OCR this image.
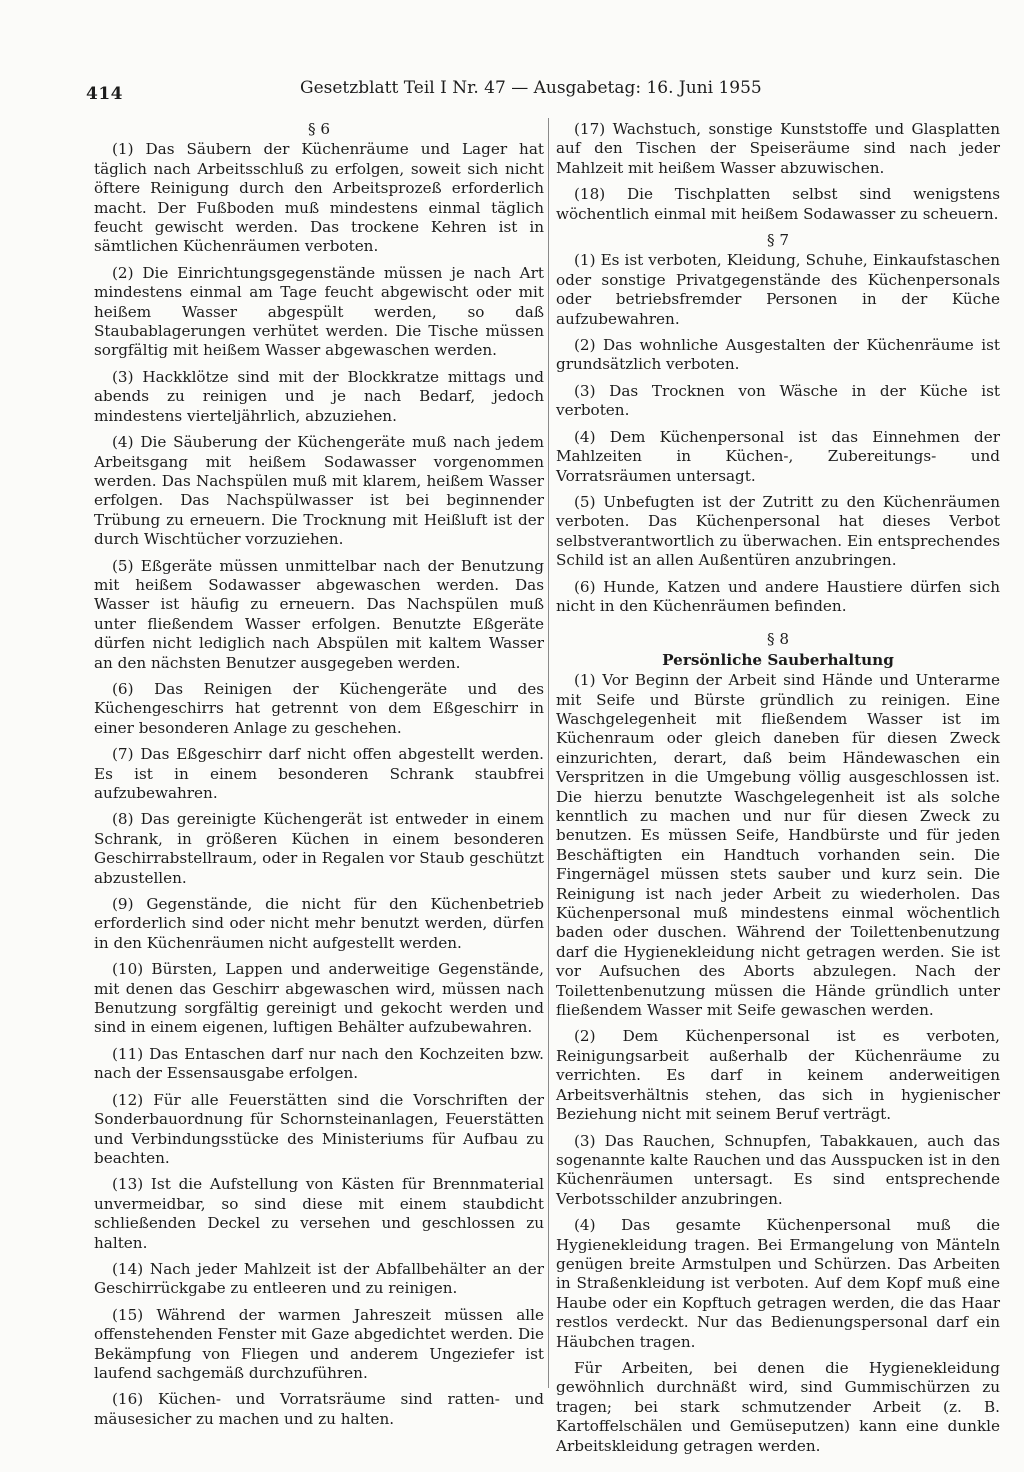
414	Gesetzblatt Teil I Nr. 47 — Ausgabetag: 16. Juni 1955
§ 6

(1) Das Säubern der Küchenräume und Lager hat täglich nach Arbeitsschluß zu erfolgen, soweit sich nicht öftere Reinigung durch den Arbeitsprozeß erforderlich macht. Der Fußboden muß mindestens einmal täglich feucht gewischt werden. Das trockene Kehren ist in sämtlichen Küchenräumen verboten.

(2) Die Einrichtungsgegenstände müssen je nach Art mindestens einmal am Tage feucht abgewischt oder mit heißem Wasser abgespült werden, so daß Staubablagerungen verhütet werden. Die Tische müssen sorgfältig mit heißem Wasser abgewaschen werden.

(3) Hackklötze sind mit der Blockkratze mittags und abends zu reinigen und je nach Bedarf, jedoch mindestens vierteljährlich, abzuziehen.

(4) Die Säuberung der Küchengeräte muß nach jedem Arbeitsgang mit heißem Sodawasser vorgenommen werden. Das Nachspülen muß mit klarem, heißem Wasser erfolgen. Das Nachspülwasser ist bei beginnender Trübung zu erneuern. Die Trocknung mit Heißluft ist der durch Wischtücher vorzuziehen.

(5) Eßgeräte müssen unmittelbar nach der Benutzung mit heißem Sodawasser abgewaschen werden. Das Wasser ist häufig zu erneuern. Das Nachspülen muß unter fließendem Wasser erfolgen. Benutzte Eßgeräte dürfen nicht lediglich nach Abspülen mit kaltem Wasser an den nächsten Benutzer ausgegeben werden.

(6) Das Reinigen der Küchengeräte und des Küchengeschirrs hat getrennt von dem Eßgeschirr in einer besonderen Anlage zu geschehen.

(7) Das Eßgeschirr darf nicht offen abgestellt werden. Es ist in einem besonderen Schrank staubfrei aufzubewahren.

(8) Das gereinigte Küchengerät ist entweder in einem Schrank, in größeren Küchen in einem besonderen Geschirrabstellraum, oder in Regalen vor Staub geschützt abzustellen.

(9) Gegenstände, die nicht für den Küchenbetrieb erforderlich sind oder nicht mehr benutzt werden, dürfen in den Küchenräumen nicht aufgestellt werden.

(10) Bürsten, Lappen und anderweitige Gegenstände, mit denen das Geschirr abgewaschen wird, müssen nach Benutzung sorgfältig gereinigt und gekocht werden und sind in einem eigenen, luftigen Behälter aufzubewahren.

(11) Das Entaschen darf nur nach den Kochzeiten bzw. nach der Essensausgabe erfolgen.

(12) Für alle Feuerstätten sind die Vorschriften der Sonderbauordnung für Schornsteinanlagen, Feuerstätten und Verbindungsstücke des Ministeriums für Aufbau zu beachten.

(13) Ist die Aufstellung von Kästen für Brennmaterial unvermeidbar, so sind diese mit einem staubdicht schließenden Deckel zu versehen und geschlossen zu halten.

(14) Nach jeder Mahlzeit ist der Abfallbehälter an der Geschirrückgabe zu entleeren und zu reinigen.

(15) Während der warmen Jahreszeit müssen alle offenstehenden Fenster mit Gaze abgedichtet werden. Die Bekämpfung von Fliegen und anderem Ungeziefer ist laufend sachgemäß durchzuführen.

(16) Küchen- und Vorratsräume sind ratten- und mäusesicher zu machen und zu halten.

(17) Wachstuch, sonstige Kunststoffe und Glasplatten auf den Tischen der Speiseräume sind nach jeder Mahlzeit mit heißem Wasser abzuwischen.

(18) Die Tischplatten selbst sind wenigstens wöchentlich einmal mit heißem Sodawasser zu scheuern.

§ 7

(1) Es ist verboten, Kleidung, Schuhe, Einkaufstaschen oder sonstige Privatgegenstände des Küchenpersonals oder betriebsfremder Personen in der Küche aufzubewahren.

(2) Das wohnliche Ausgestalten der Küchenräume ist grundsätzlich verboten.

(3) Das Trocknen von Wäsche in der Küche ist verboten.

(4) Dem Küchenpersonal ist das Einnehmen der Mahlzeiten in Küchen-, Zubereitungs- und Vorratsräumen untersagt.

(5) Unbefugten ist der Zutritt zu den Küchenräumen verboten. Das Küchenpersonal hat dieses Verbot selbstverantwortlich zu überwachen. Ein entsprechendes Schild ist an allen Außentüren anzubringen.

(6) Hunde, Katzen und andere Haustiere dürfen sich nicht in den Küchenräumen befinden.

§ 8
Persönliche Sauberhaltung

(1) Vor Beginn der Arbeit sind Hände und Unterarme mit Seife und Bürste gründlich zu reinigen. Eine Waschgelegenheit mit fließendem Wasser ist im Küchenraum oder gleich daneben für diesen Zweck einzurichten, derart, daß beim Händewaschen ein Verspritzen in die Umgebung völlig ausgeschlossen ist. Die hierzu benutzte Waschgelegenheit ist als solche kenntlich zu machen und nur für diesen Zweck zu benutzen. Es müssen Seife, Handbürste und für jeden Beschäftigten ein Handtuch vorhanden sein. Die Fingernägel müssen stets sauber und kurz sein. Die Reinigung ist nach jeder Arbeit zu wiederholen. Das Küchenpersonal muß mindestens einmal wöchentlich baden oder duschen. Während der Toilettenbenutzung darf die Hygienekleidung nicht getragen werden. Sie ist vor Aufsuchen des Aborts abzulegen. Nach der Toilettenbenutzung müssen die Hände gründlich unter fließendem Wasser mit Seife gewaschen werden.

(2) Dem Küchenpersonal ist es verboten, Reinigungsarbeit außerhalb der Küchenräume zu verrichten. Es darf in keinem anderweitigen Arbeitsverhältnis stehen, das sich in hygienischer Beziehung nicht mit seinem Beruf verträgt.

(3) Das Rauchen, Schnupfen, Tabakkauen, auch das sogenannte kalte Rauchen und das Ausspucken ist in den Küchenräumen untersagt. Es sind entsprechende Verbotsschilder anzubringen.

(4) Das gesamte Küchenpersonal muß die Hygienekleidung tragen. Bei Ermangelung von Mänteln genügen breite Armstulpen und Schürzen. Das Arbeiten in Straßenkleidung ist verboten. Auf dem Kopf muß eine Haube oder ein Kopftuch getragen werden, die das Haar restlos verdeckt. Nur das Bedienungspersonal darf ein Häubchen tragen.

Für Arbeiten, bei denen die Hygienekleidung gewöhnlich durchnäßt wird, sind Gummischürzen zu tragen; bei stark schmutzender Arbeit (z. B. Kartoffelschälen und Gemüseputzen) kann eine dunkle Arbeitskleidung getragen werden.
